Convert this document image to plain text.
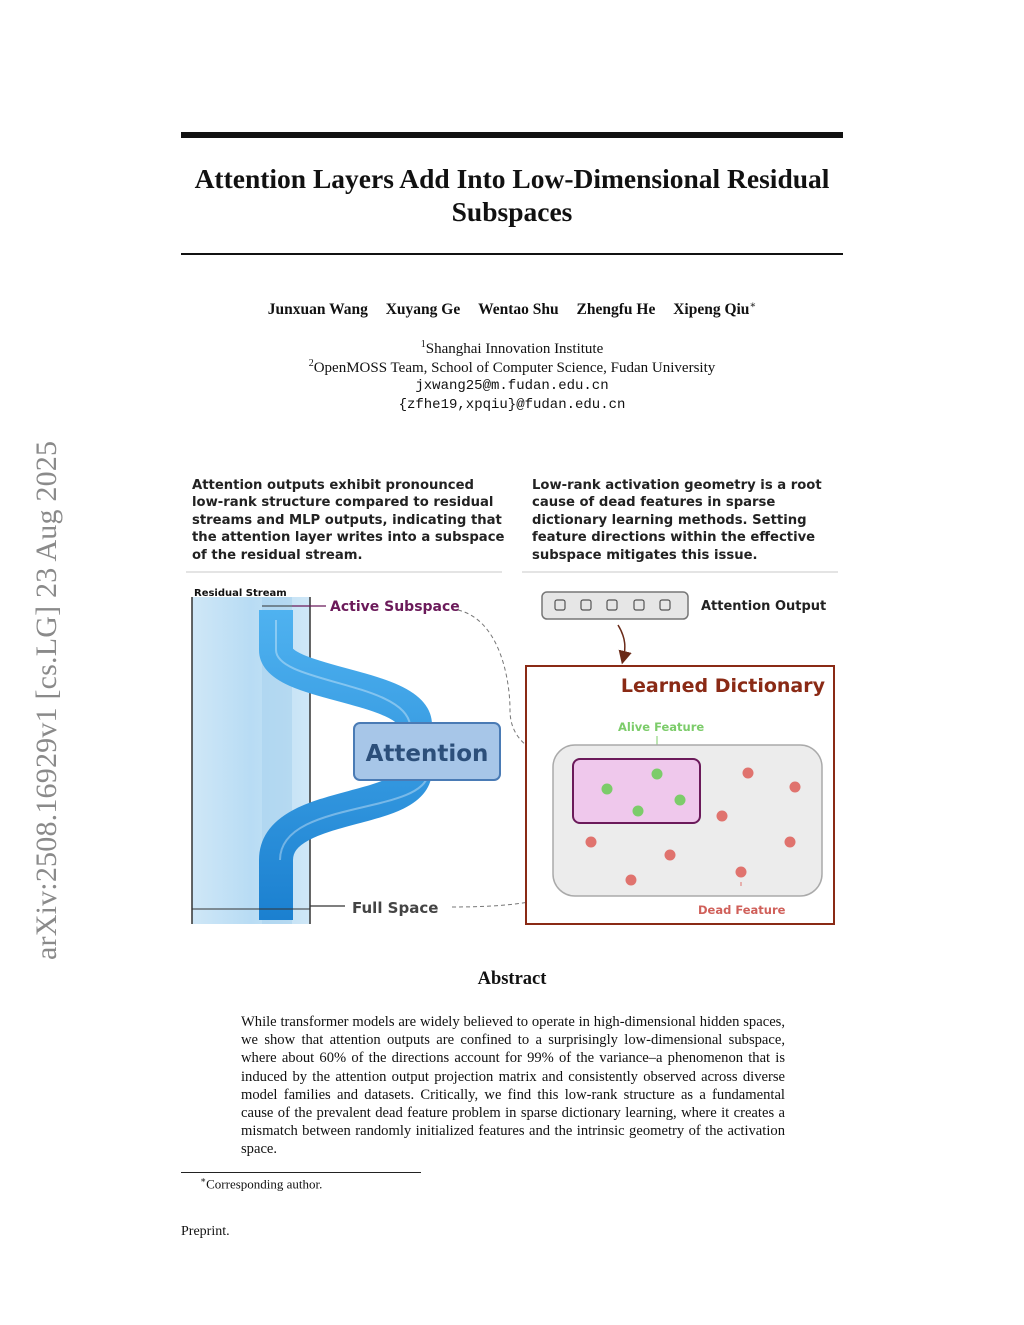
arXiv:2508.16929v1 [cs.LG] 23 Aug 2025
Attention Layers Add Into Low-Dimensional Residual
Subspaces
Junxuan Wang Xuyang Ge Wentao Shu Zhengfu He Xipeng Qiu∗
$^1$Shanghai Innovation Institute
$^2$OpenMOSS Team, School of Computer Science, Fudan University
jxwang25@m.fudan.edu.cn
{zfhe19,xpqiu}@fudan.edu.cn
Attention outputs exhibit pronounced
low-rank structure compared to residual
streams and MLP outputs, indicating that
the attention layer writes into a subspace
of the residual stream.
Low-rank activation geometry is a root
cause of dead features in sparse
dictionary learning methods. Setting
feature directions within the effective
subspace mitigates this issue.
Residual Stream
Active Subspace
Attention
Full Space
Attention Output
Learned Dictionary
Alive Feature
Dead Feature
Abstract
While transformer models are widely believed to operate in high-dimensional hidden spaces, we show that attention outputs are confined to a surprisingly low-dimensional subspace, where about 60% of the directions account for 99% of the variance–a phenomenon that is induced by the attention output projection matrix and consistently observed across diverse model families and datasets. Critically, we find this low-rank structure as a fundamental cause of the prevalent dead feature problem in sparse dictionary learning, where it creates a mismatch between randomly initialized features and the intrinsic geometry of the activation space.
∗Corresponding author.
Preprint.
